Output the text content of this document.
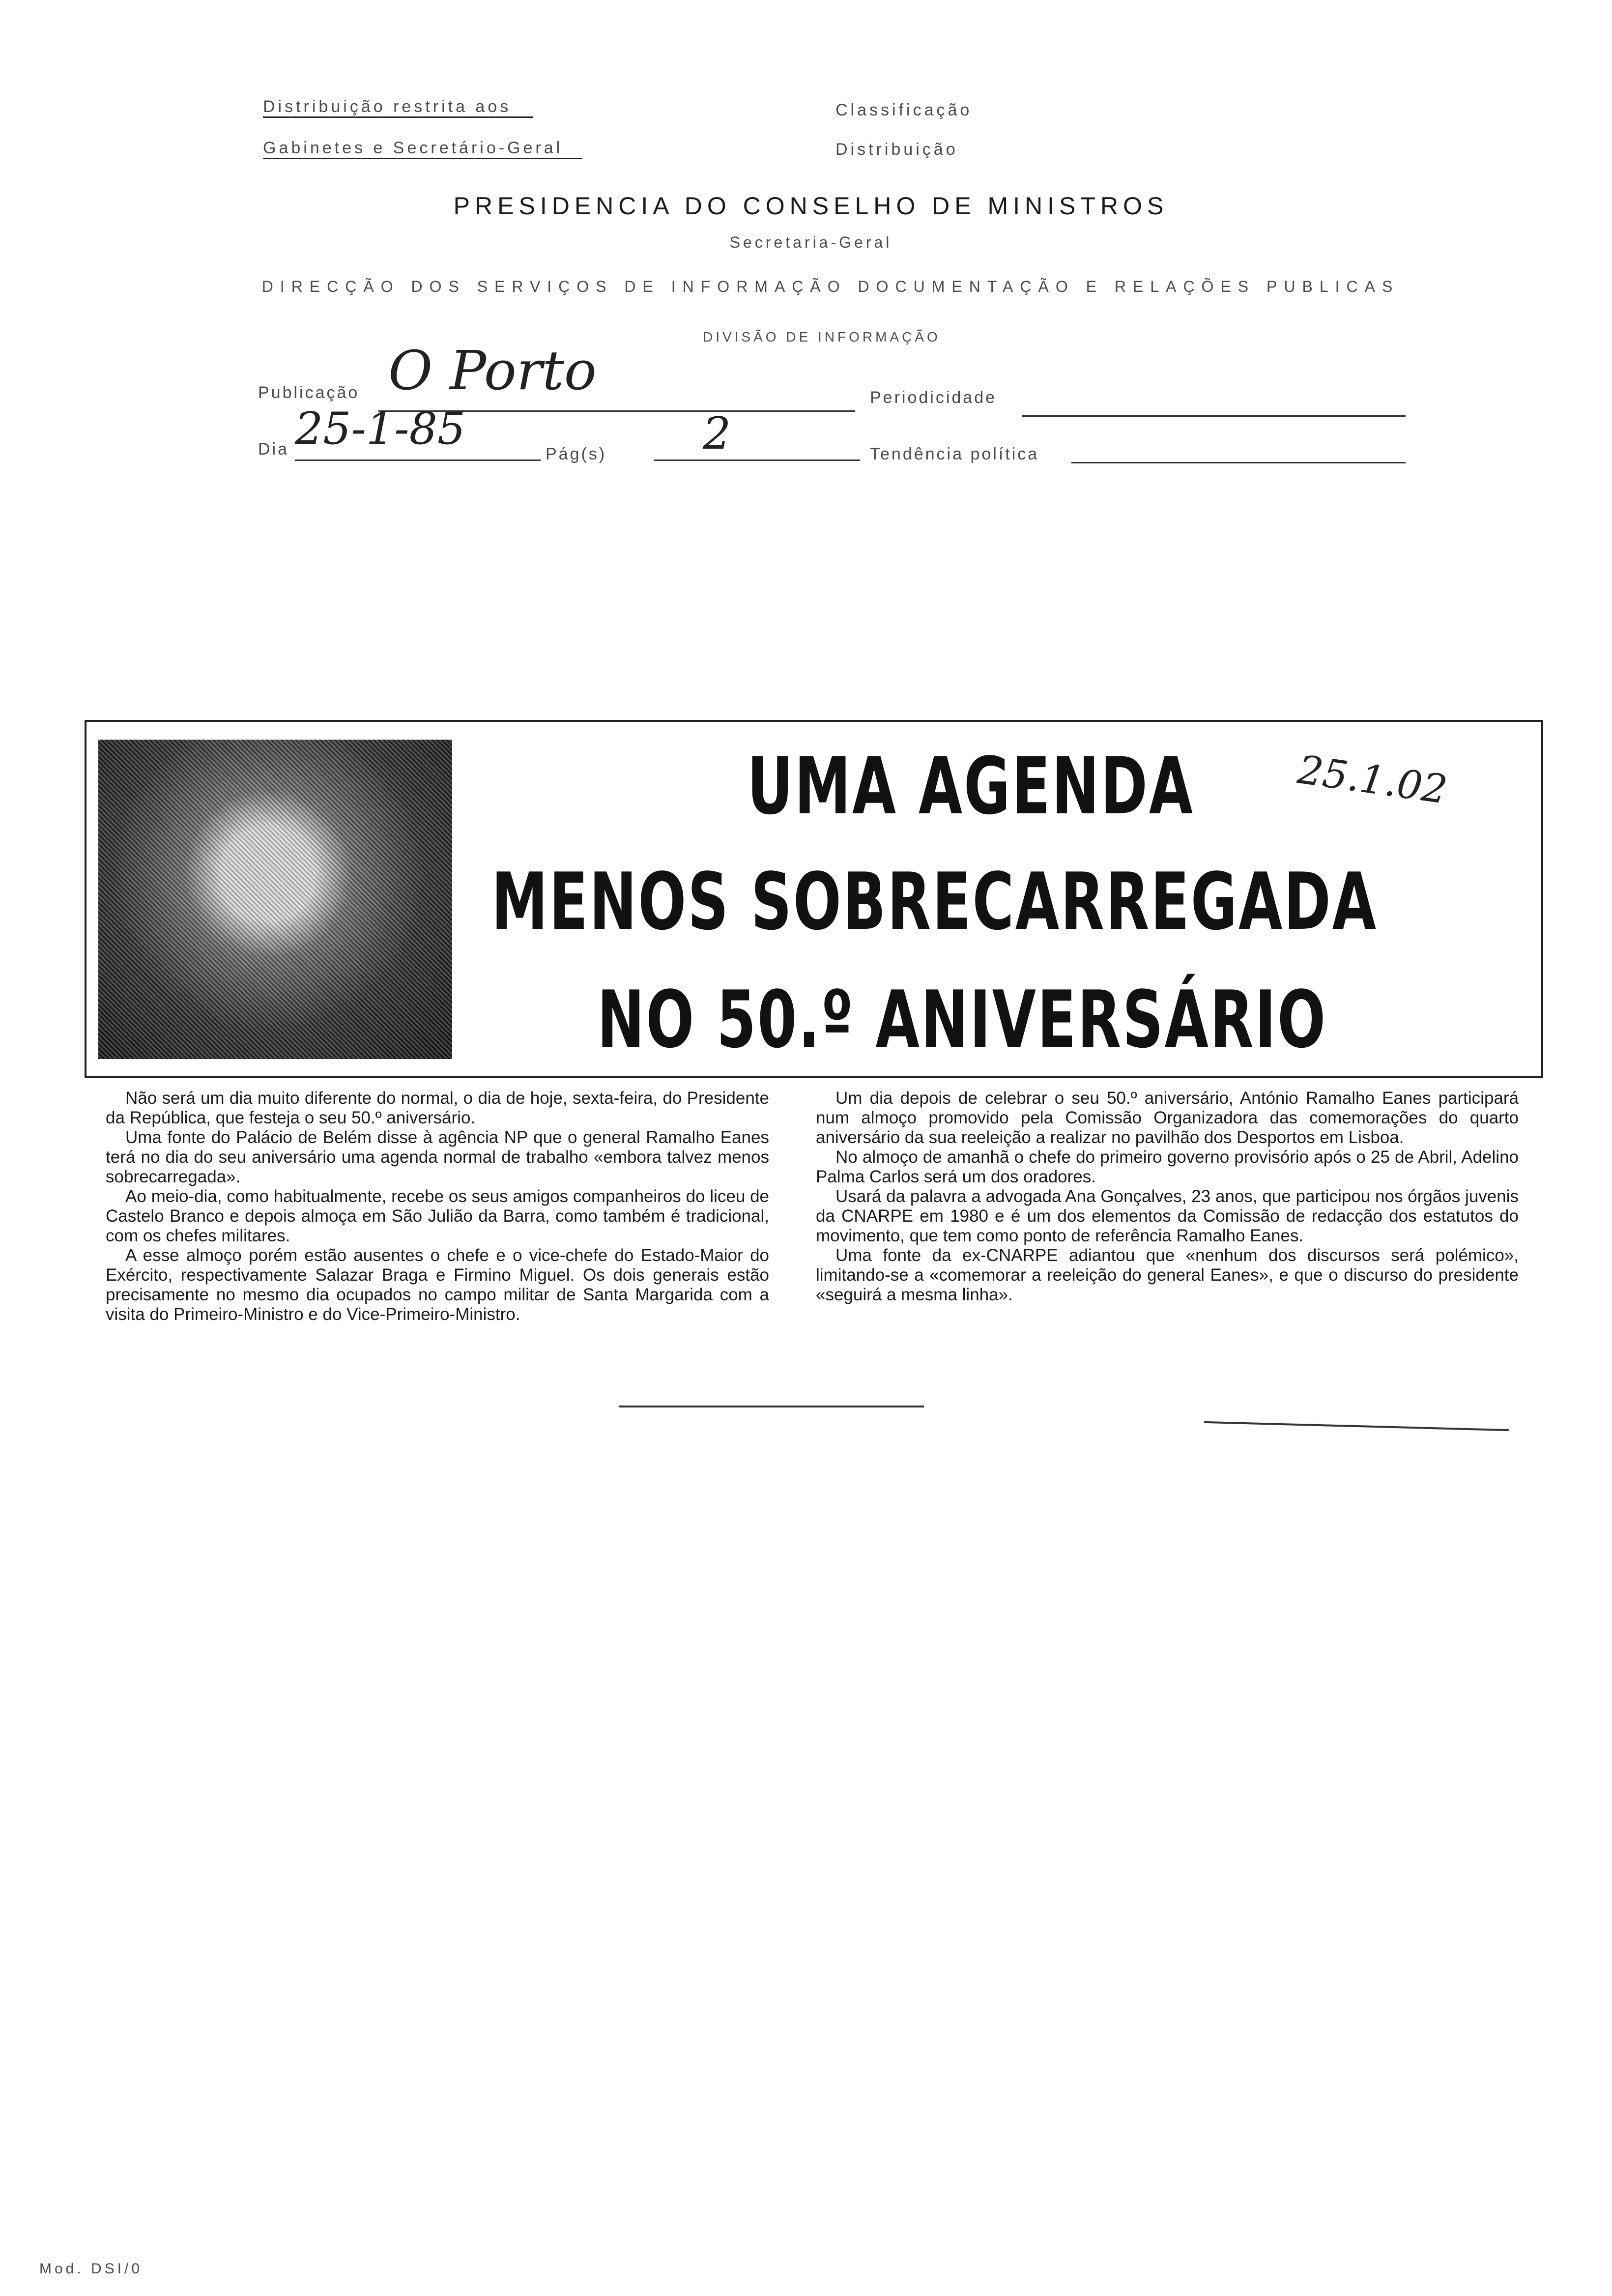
Distribuição restrita aos
Gabinetes e Secretário-Geral
Classificação
Distribuição
PRESIDENCIA DO CONSELHO DE MINISTROS
Secretaria-Geral
DIRECÇÃO DOS SERVIÇOS DE INFORMAÇÃO DOCUMENTAÇÃO E RELAÇÕES PUBLICAS
DIVISÃO DE INFORMAÇÃO
Publicação O Porto	Periodicidade
Dia 25-1-85	Pág(s) 2	Tendência política
UMA AGENDA
MENOS SOBRECARREGADA
NO 50.º ANIVERSÁRIO
25.1.02

Não será um dia muito diferente do normal, o dia de hoje, sexta-feira, do Presidente da República, que festeja o seu 50.º aniversário.

Uma fonte do Palácio de Belém disse à agência NP que o general Ramalho Eanes terá no dia do seu aniversário uma agenda normal de trabalho «embora talvez menos sobrecarregada».

Ao meio-dia, como habitualmente, recebe os seus amigos companheiros do liceu de Castelo Branco e depois almoça em São Julião da Barra, como também é tradicional, com os chefes militares.

A esse almoço porém estão ausentes o chefe e o vice-chefe do Estado-Maior do Exército, respectivamente Salazar Braga e Firmino Miguel. Os dois generais estão precisamente no mesmo dia ocupados no campo militar de Santa Margarida com a visita do Primeiro-Ministro e do Vice-Primeiro-Ministro.

Um dia depois de celebrar o seu 50.º aniversário, António Ramalho Eanes participará num almoço promovido pela Comissão Organizadora das comemorações do quarto aniversário da sua reeleição a realizar no pavilhão dos Desportos em Lisboa.

No almoço de amanhã o chefe do primeiro governo provisório após o 25 de Abril, Adelino Palma Carlos será um dos oradores.

Usará da palavra a advogada Ana Gonçalves, 23 anos, que participou nos órgãos juvenis da CNARPE em 1980 e é um dos elementos da Comissão de redacção dos estatutos do movimento, que tem como ponto de referência Ramalho Eanes.

Uma fonte da ex-CNARPE adiantou que «nenhum dos discursos será polémico», limitando-se a «comemorar a reeleição do general Eanes», e que o discurso do presidente «seguirá a mesma linha».

Mod. DSI/0
